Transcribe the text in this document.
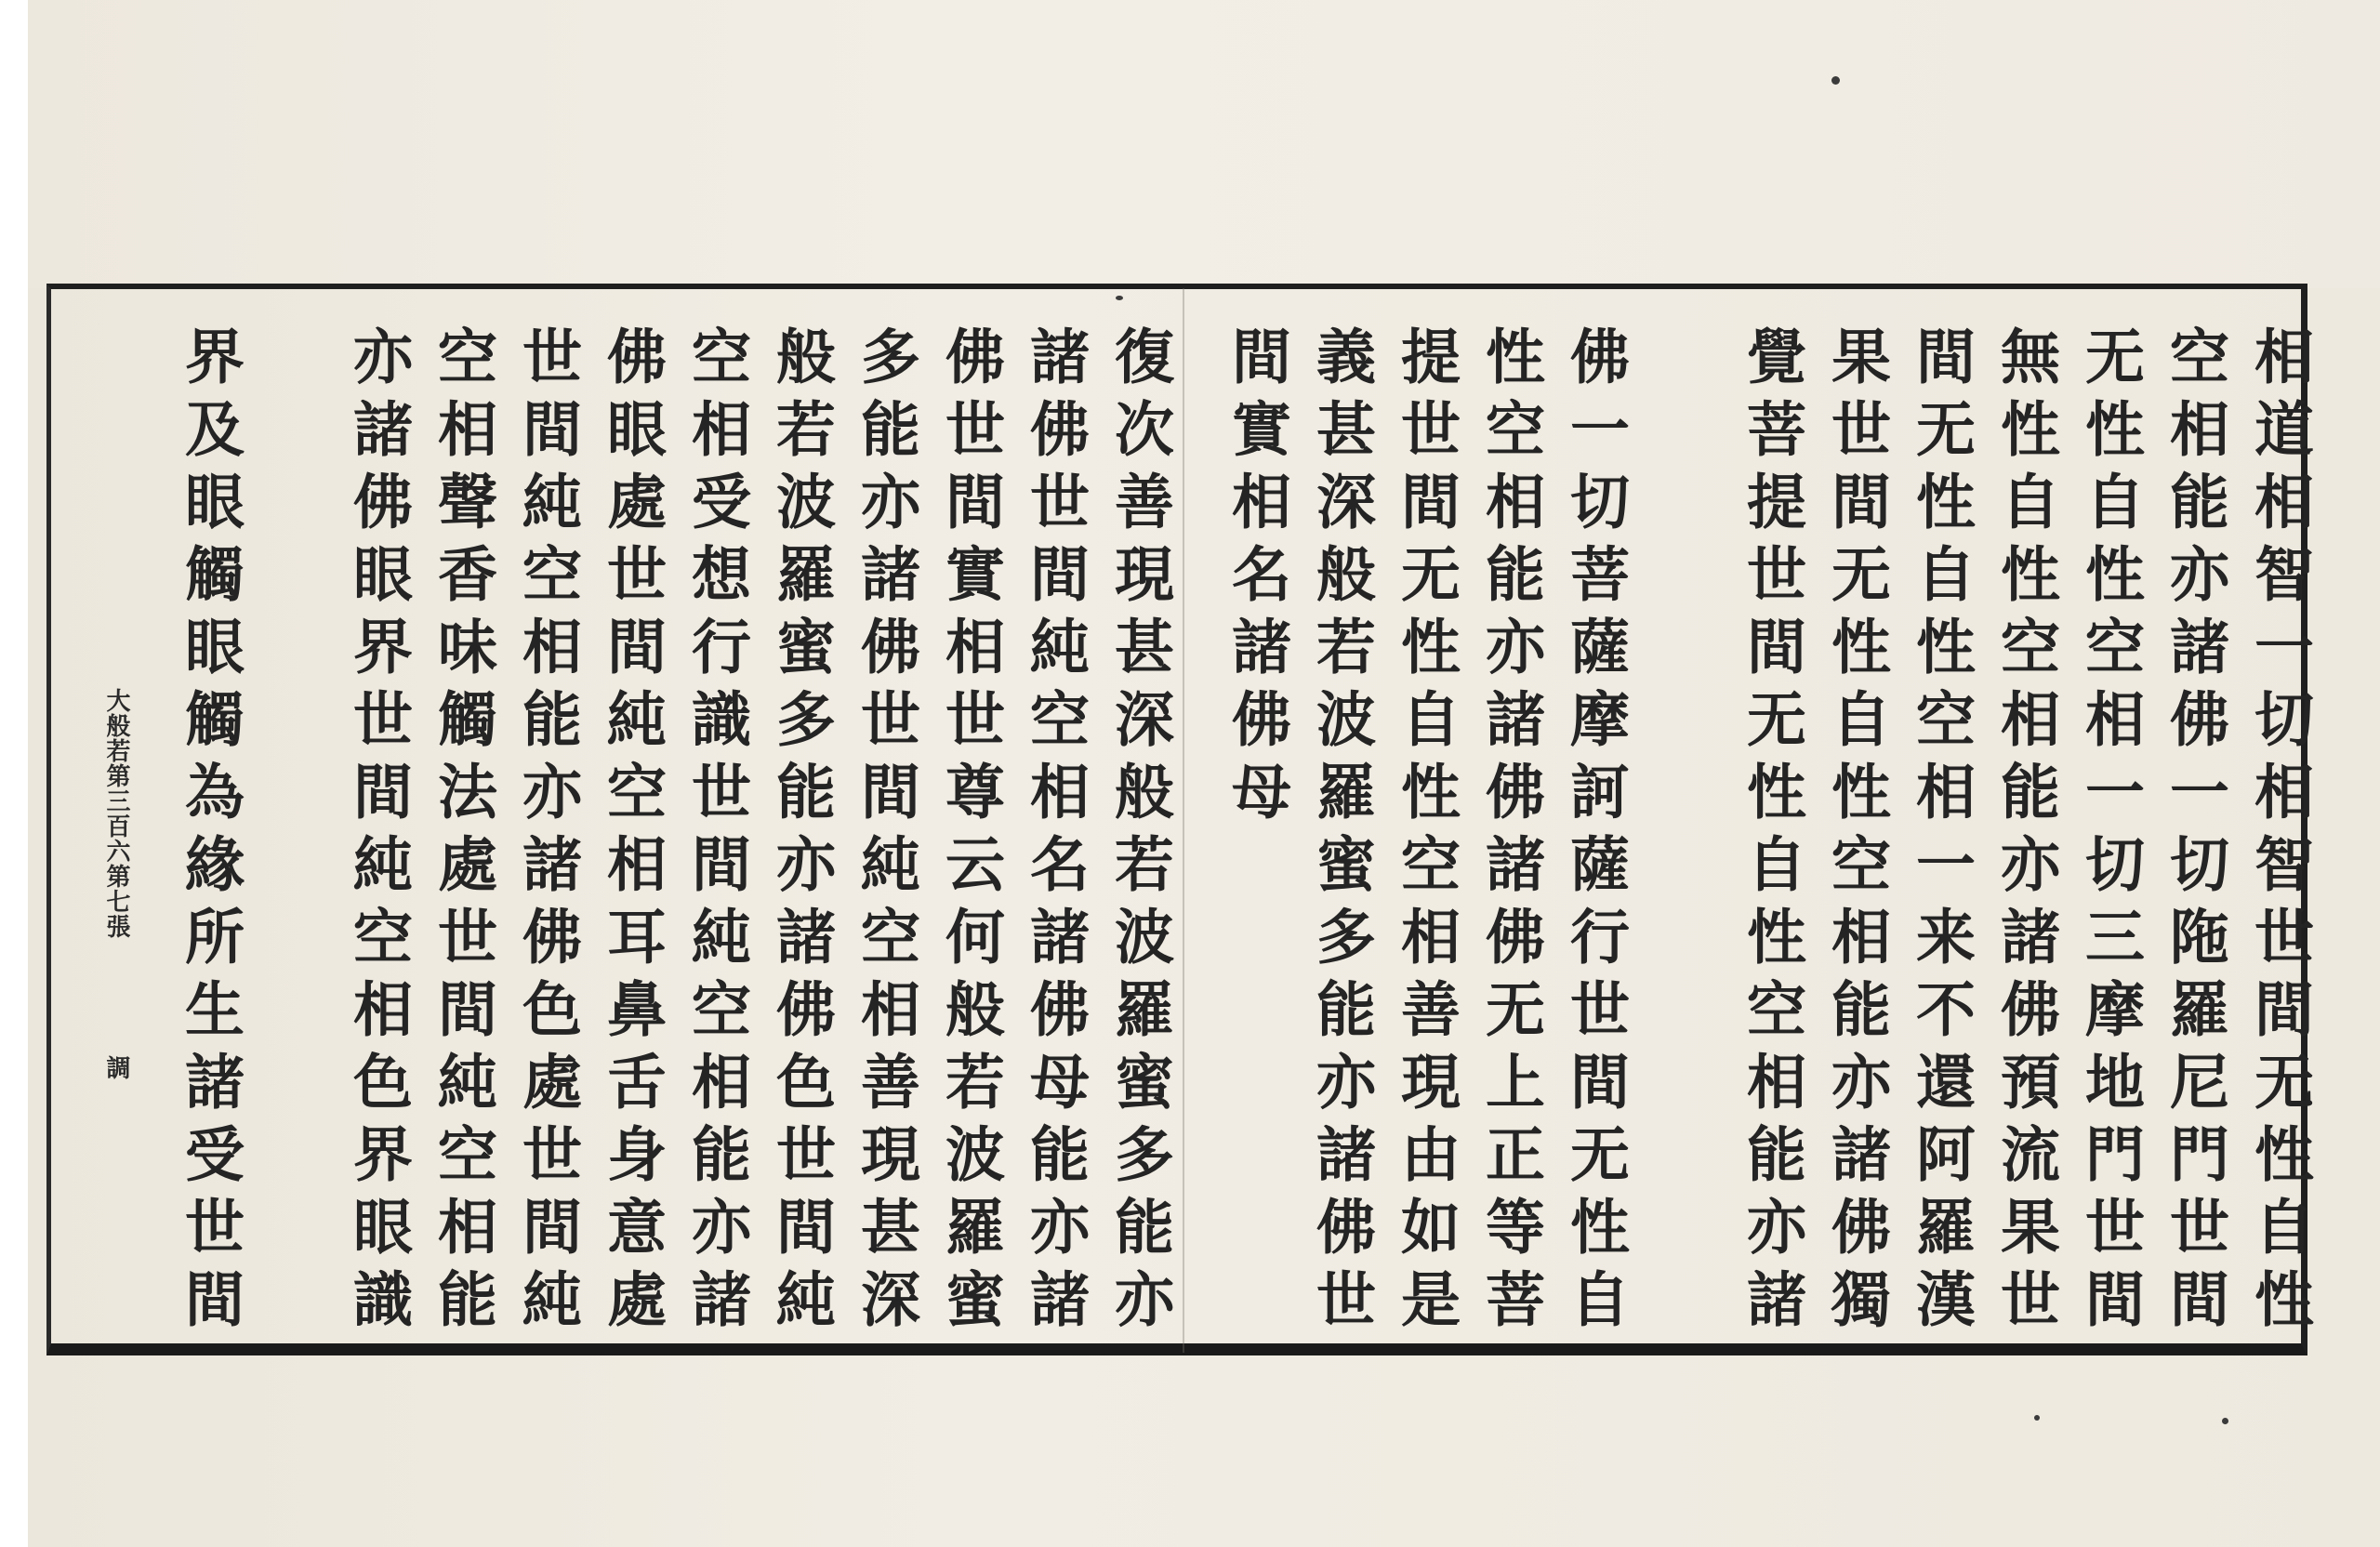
相道相智一切相智世間无性自性
空相能亦諸佛一切陁羅尼門世間
无性自性空相一切三摩地門世間
無性自性空相能亦諸佛預流果世
間无性自性空相一来不還阿羅漢
果世間无性自性空相能亦諸佛獨
覺菩提世間无性自性空相能亦諸
佛一切菩薩摩訶薩行世間无性自
性空相能亦諸佛諸佛无上正等菩
提世間无性自性空相善現由如是
義甚深般若波羅蜜多能亦諸佛世
間實相名諸佛母
復次善現甚深般若波羅蜜多能亦
諸佛世間純空相名諸佛母能亦諸
佛世間實相世尊云何般若波羅蜜
多能亦諸佛世間純空相善現甚深
般若波羅蜜多能亦諸佛色世間純
空相受想行識世間純空相能亦諸
佛眼處世間純空相耳鼻舌身意處
世間純空相能亦諸佛色處世間純
空相聲香味觸法處世間純空相能
亦諸佛眼界世間純空相色界眼識
界及眼觸眼觸為緣所生諸受世間
大般若第三百六第七張
調
